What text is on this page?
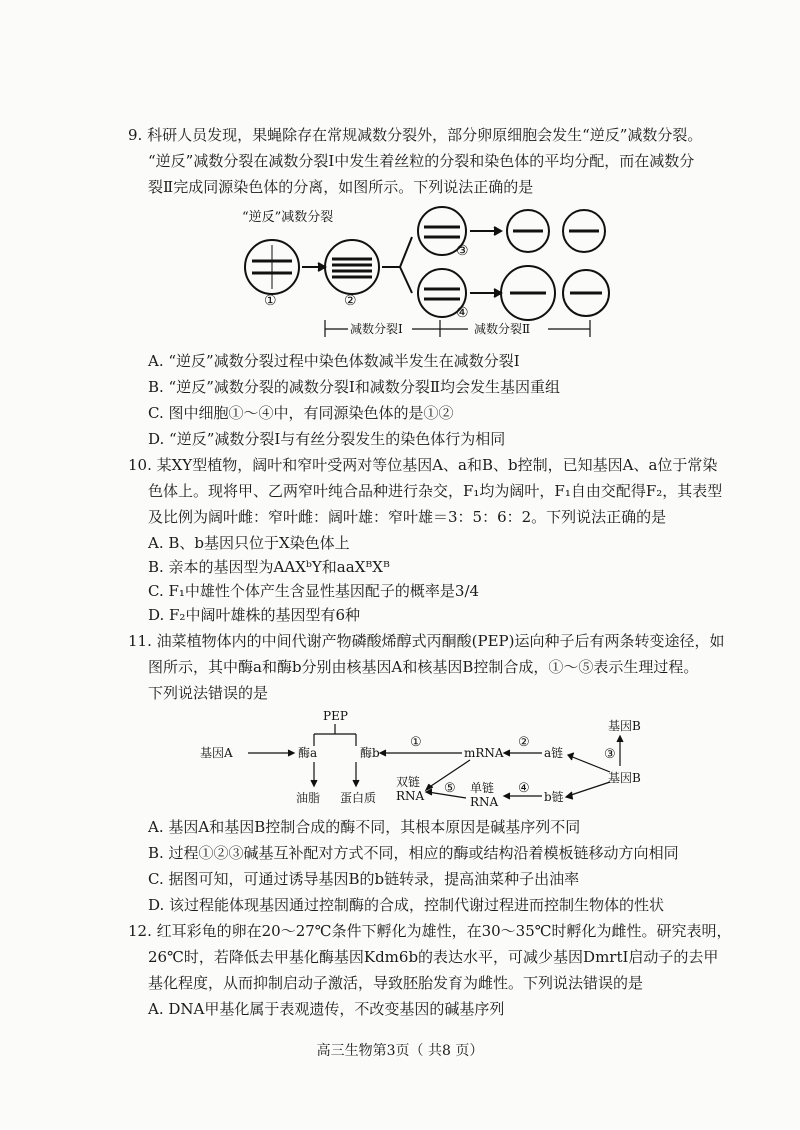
9. 科研人员发现，果蝇除存在常规减数分裂外，部分卵原细胞会发生“逆反”减数分裂。
“逆反”减数分裂在减数分裂Ⅰ中发生着丝粒的分裂和染色体的平均分配，而在减数分
裂Ⅱ完成同源染色体的分离，如图所示。下列说法正确的是
“逆反”减数分裂
①	②
③
④
减数分裂Ⅰ	减数分裂Ⅱ
A. “逆反”减数分裂过程中染色体数减半发生在减数分裂Ⅰ
B. “逆反”减数分裂的减数分裂Ⅰ和减数分裂Ⅱ均会发生基因重组
C. 图中细胞①～④中，有同源染色体的是①②
D. “逆反”减数分裂Ⅰ与有丝分裂发生的染色体行为相同
10. 某XY型植物，阔叶和窄叶受两对等位基因A、a和B、b控制，已知基因A、a位于常染
色体上。现将甲、乙两窄叶纯合品种进行杂交，F₁均为阔叶，F₁自由交配得F₂，其表型
及比例为阔叶雌：窄叶雌：阔叶雄：窄叶雄＝3：5：6：2。下列说法正确的是
A. B、b基因只位于X染色体上
B. 亲本的基因型为AAXᵇY和aaXᴮXᴮ
C. F₁中雄性个体产生含显性基因配子的概率是3/4
D. F₂中阔叶雄株的基因型有6种
11. 油菜植物体内的中间代谢产物磷酸烯醇式丙酮酸(PEP)运向种子后有两条转变途径，如
图所示，其中酶a和酶b分别由核基因A和核基因B控制合成，①～⑤表示生理过程。
下列说法错误的是
PEP
基因A	酶a	酶b	mRNA	a链
基因B
基因B
b链
油脂 蛋白质
双链
RNA
单链
RNA
①	②
③
④
⑤
A. 基因A和基因B控制合成的酶不同，其根本原因是碱基序列不同
B. 过程①②③碱基互补配对方式不同，相应的酶或结构沿着模板链移动方向相同
C. 据图可知，可通过诱导基因B的b链转录，提高油菜种子出油率
D. 该过程能体现基因通过控制酶的合成，控制代谢过程进而控制生物体的性状
12. 红耳彩龟的卵在20～27℃条件下孵化为雄性，在30～35℃时孵化为雌性。研究表明，
26℃时，若降低去甲基化酶基因Kdm6b的表达水平，可减少基因DmrtI启动子的去甲
基化程度，从而抑制启动子激活，导致胚胎发育为雌性。下列说法错误的是
A. DNA甲基化属于表观遗传，不改变基因的碱基序列
高三生物第3页（ 共8 页）
